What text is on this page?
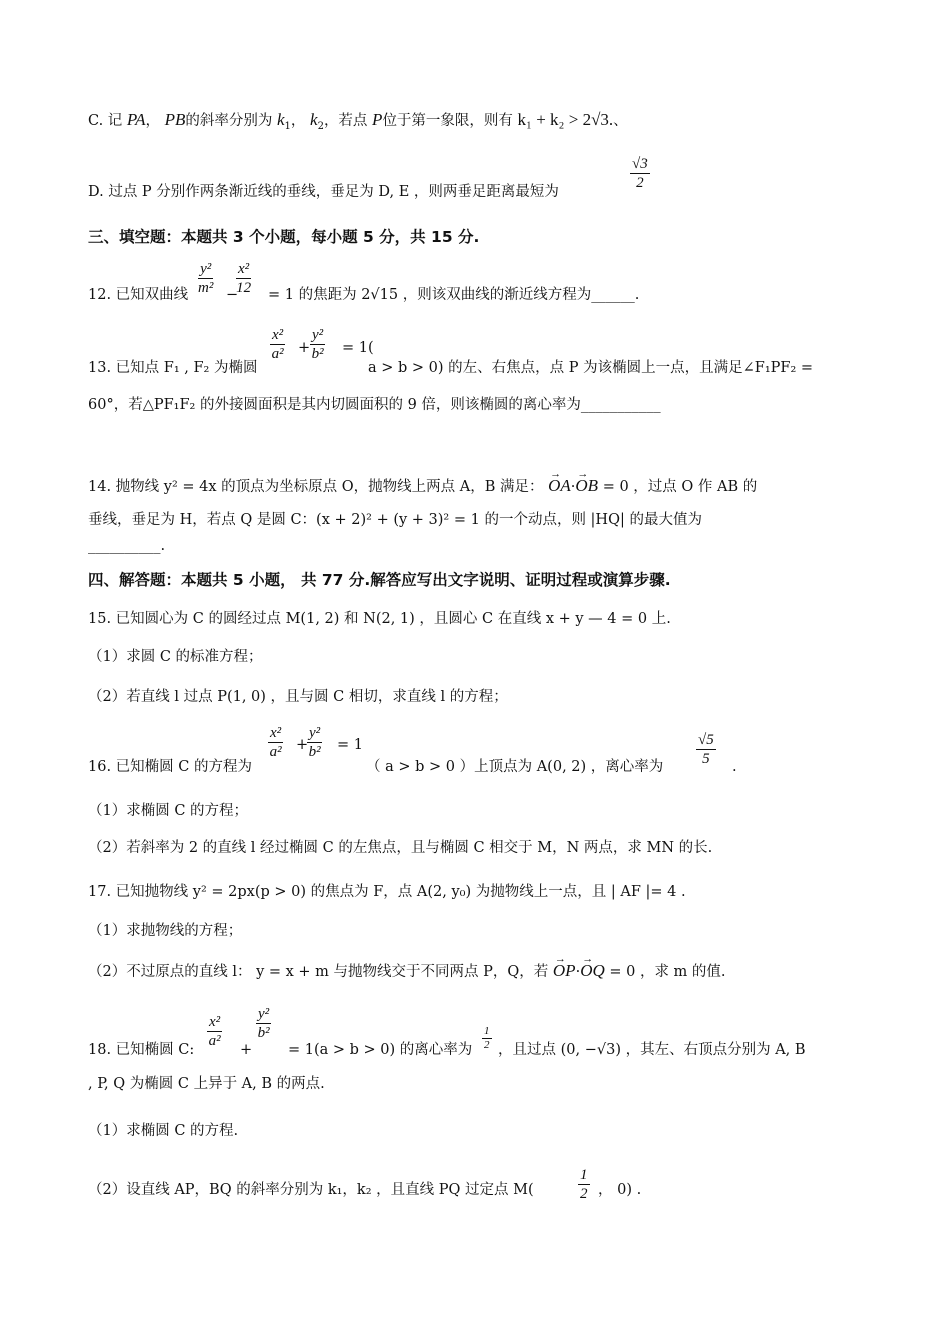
C. 记 PA， PB的斜率分别为 $k_1$， $k_2$，若点 P位于第一象限，则有 k₁ + k₂ > 2√3.、
D. 过点 P 分别作两条渐近线的垂线，垂足为 D, E ，则两垂足距离最短为	$\frac{√3}{2}$
三、填空题：本题共 3 个小题，每小题 5 分，共 15 分.
12. 已知双曲线 $\frac{\text{y²}}{\text{m²}}$ −
$\frac{\text{x²}}{12} = 1$ 的焦距为 2√15 ，则该双曲线的渐近线方程为______.
13. 已知点 F₁ , F₂ 为椭圆
$\frac{\text{x²}}{\text{a²}} + \frac{\text{y²}}{\text{b²}} = 1$(
a > b > 0) 的左、右焦点，点 P 为该椭圆上一点，且满足∠F₁PF₂ =
60°，若△PF₁F₂ 的外接圆面积是其内切圆面积的 9 倍，则该椭圆的离心率为___________
14. 抛物线 y² = 4x 的顶点为坐标原点 O，抛物线上两点 A，B 满足： → OA·→ OB = 0 ，过点 O 作 AB 的
垂线，垂足为 H，若点 Q 是圆 C：(x + 2)² + (y + 3)² = 1 的一个动点，则 |HQ| 的最大值为
__________.
四、解答题：本题共 5 小题， 共 77 分.解答应写出文字说明、证明过程或演算步骤.
15. 已知圆心为 C 的圆经过点 M(1, 2) 和 N(2, 1) ，且圆心 C 在直线 x + y — 4 = 0 上.
（1）求圆 C 的标准方程；
（2）若直线 l 过点 P(1, 0) ，且与圆 C 相切，求直线 l 的方程；
16. 已知椭圆 C 的方程为
$\frac{\text{x²}}{\text{a²}}$ +
$\frac{\text{y²}}{\text{b²}} = 1$
（ a > b > 0 ）上顶点为 A(0, 2) ，离心率为 $\frac{√5}{5}$ .
（1）求椭圆 C 的方程；
（2）若斜率为 2 的直线 l 经过椭圆 C 的左焦点，且与椭圆 C 相交于 M，N 两点，求 MN 的长.
17. 已知抛物线 y² = 2px(p > 0) 的焦点为 F，点 A(2, y₀) 为抛物线上一点，且 | AF |= 4 .
（1）求抛物线的方程；
（2）不过原点的直线 l： y = x + m 与抛物线交于不同两点 P，Q，若 → OP·→ OQ = 0 ，求 m 的值.
18. 已知椭圆 C: $\frac{\text{x²}}{\text{a²}}$ +
$\frac{\text{y²}}{\text{b²}}$
= 1(a > b > 0) 的离心率为 $\frac{1}{2}$ ，且过点 (0, −√3) ，其左、右顶点分别为 A, B
, P, Q 为椭圆 C 上异于 A, B 的两点.
（1）求椭圆 C 的方程.
（2）设直线 AP，BQ 的斜率分别为 k₁，k₂ ，且直线 PQ 过定点 M(	$\frac{1}{2}$ ， 0) .
